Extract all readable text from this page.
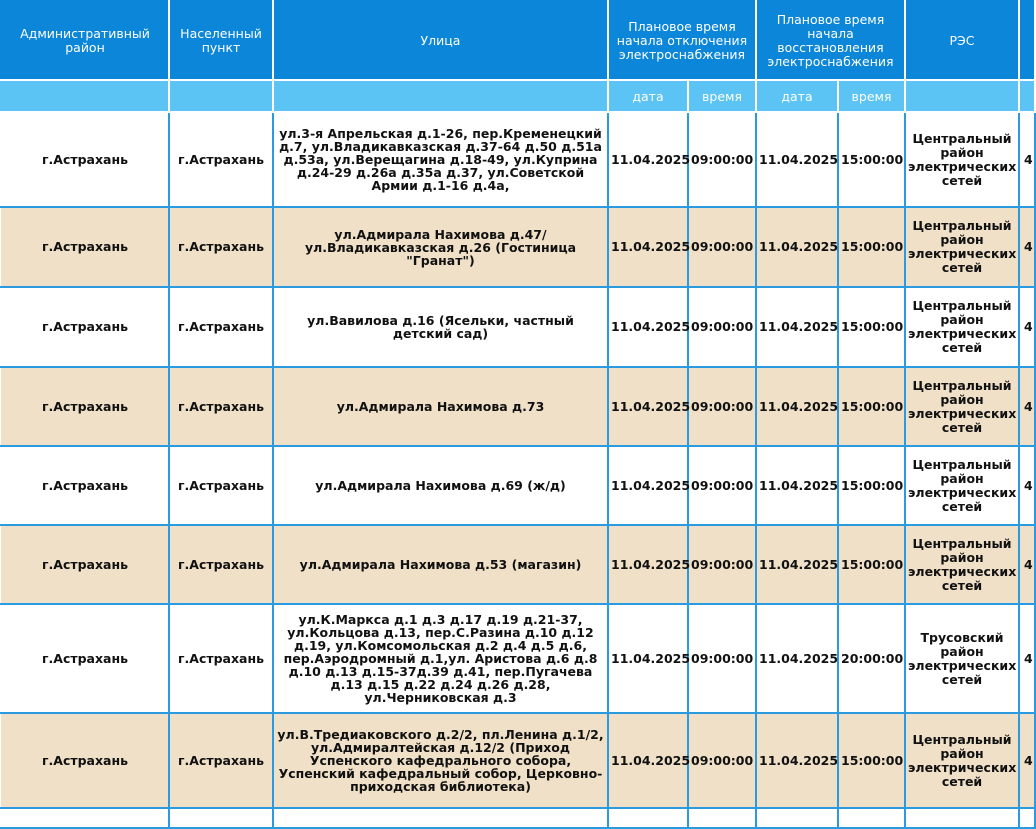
Административный район	Населенный пункт	Улица	Плановое время начала отключения электроснабжения		Плановое время начала восстановления электроснабжения		РЭС	
			дата	время	дата	время		
г.Астрахань	г.Астрахань	ул.3-я Апрельская д.1-26, пер.Кременецкий д.7, ул.Владикавказская д.37-64 д.50 д.51а д.53а, ул.Верещагина д.18-49, ул.Куприна д.24-29 д.26а д.35а д.37, ул.Советской Армии д.1-16 д.4а,	11.04.2025	09:00:00	11.04.2025	15:00:00	Центральный район электрических сетей	4
г.Астрахань	г.Астрахань	ул.Адмирала Нахимова д.47/ ул.Владикавказская д.26 (Гостиница "Гранат")	11.04.2025	09:00:00	11.04.2025	15:00:00	Центральный район электрических сетей	4
г.Астрахань	г.Астрахань	ул.Вавилова д.16 (Ясельки, частный детский сад)	11.04.2025	09:00:00	11.04.2025	15:00:00	Центральный район электрических сетей	4
г.Астрахань	г.Астрахань	ул.Адмирала Нахимова д.73	11.04.2025	09:00:00	11.04.2025	15:00:00	Центральный район электрических сетей	4
г.Астрахань	г.Астрахань	ул.Адмирала Нахимова д.69 (ж/д)	11.04.2025	09:00:00	11.04.2025	15:00:00	Центральный район электрических сетей	4
г.Астрахань	г.Астрахань	ул.Адмирала Нахимова д.53 (магазин)	11.04.2025	09:00:00	11.04.2025	15:00:00	Центральный район электрических сетей	4
г.Астрахань	г.Астрахань	ул.К.Маркса д.1 д.3 д.17 д.19 д.21-37, ул.Кольцова д.13, пер.С.Разина д.10 д.12 д.19, ул.Комсомольская д.2 д.4 д.5 д.6, пер.Аэродромный д.1,ул. Аристова д.6 д.8 д.10 д.13 д.15-37д.39 д.41, пер.Пугачева д.13 д.15 д.22 д.24 д.26 д.28, ул.Черниковская д.3	11.04.2025	09:00:00	11.04.2025	20:00:00	Трусовский район электрических сетей	4
г.Астрахань	г.Астрахань	ул.В.Тредиаковского д.2/2, пл.Ленина д.1/2, ул.Адмиралтейская д.12/2 (Приход Успенского кафедрального собора, Успенский кафедральный собор, Церковно-приходская библиотека)	11.04.2025	09:00:00	11.04.2025	15:00:00	Центральный район электрических сетей	4
